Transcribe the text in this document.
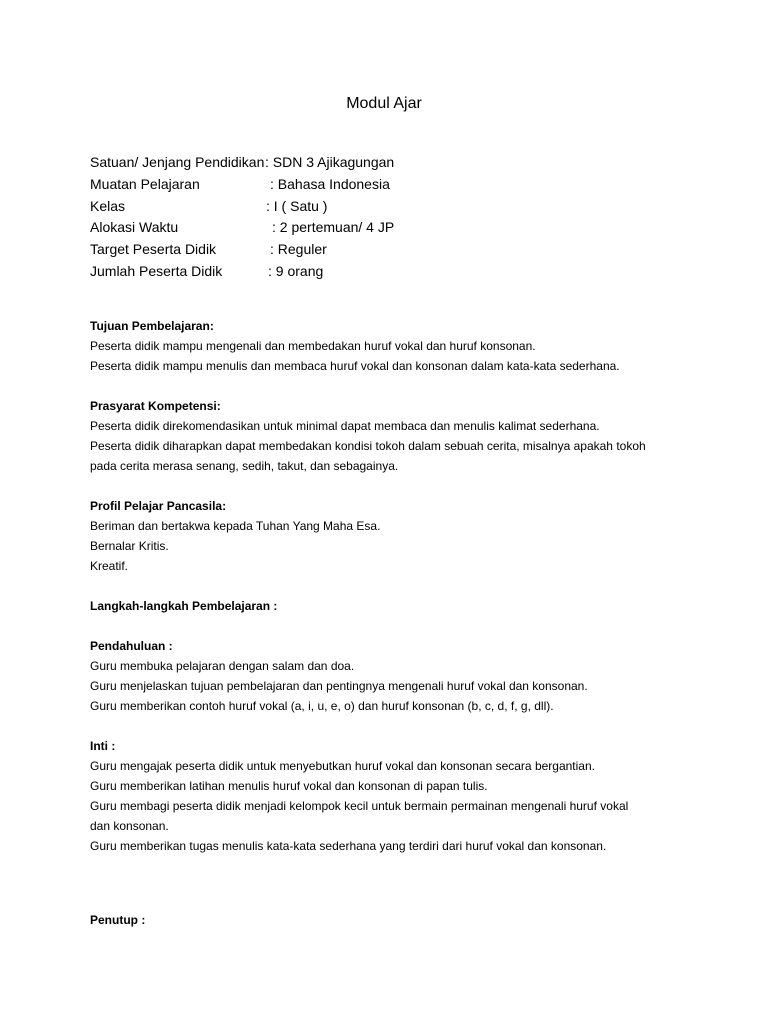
Modul Ajar
Satuan/ Jenjang Pendidikan : SDN 3 Ajikagungan
Muatan Pelajaran	: Bahasa Indonesia
Kelas	: I ( Satu )
Alokasi Waktu	: 2 pertemuan/ 4 JP
Target Peserta Didik	: Reguler
Jumlah Peserta Didik	: 9 orang
Tujuan Pembelajaran:
Peserta didik mampu mengenali dan membedakan huruf vokal dan huruf konsonan.
Peserta didik mampu menulis dan membaca huruf vokal dan konsonan dalam kata-kata sederhana.
Prasyarat Kompetensi:
Peserta didik direkomendasikan untuk minimal dapat membaca dan menulis kalimat sederhana.
Peserta didik diharapkan dapat membedakan kondisi tokoh dalam sebuah cerita, misalnya apakah tokoh
pada cerita merasa senang, sedih, takut, dan sebagainya.
Profil Pelajar Pancasila:
Beriman dan bertakwa kepada Tuhan Yang Maha Esa.
Bernalar Kritis.
Kreatif.
Langkah-langkah Pembelajaran :
Pendahuluan :
Guru membuka pelajaran dengan salam dan doa.
Guru menjelaskan tujuan pembelajaran dan pentingnya mengenali huruf vokal dan konsonan.
Guru memberikan contoh huruf vokal (a, i, u, e, o) dan huruf konsonan (b, c, d, f, g, dll).
Inti :
Guru mengajak peserta didik untuk menyebutkan huruf vokal dan konsonan secara bergantian.
Guru memberikan latihan menulis huruf vokal dan konsonan di papan tulis.
Guru membagi peserta didik menjadi kelompok kecil untuk bermain permainan mengenali huruf vokal
dan konsonan.
Guru memberikan tugas menulis kata-kata sederhana yang terdiri dari huruf vokal dan konsonan.
Penutup :
